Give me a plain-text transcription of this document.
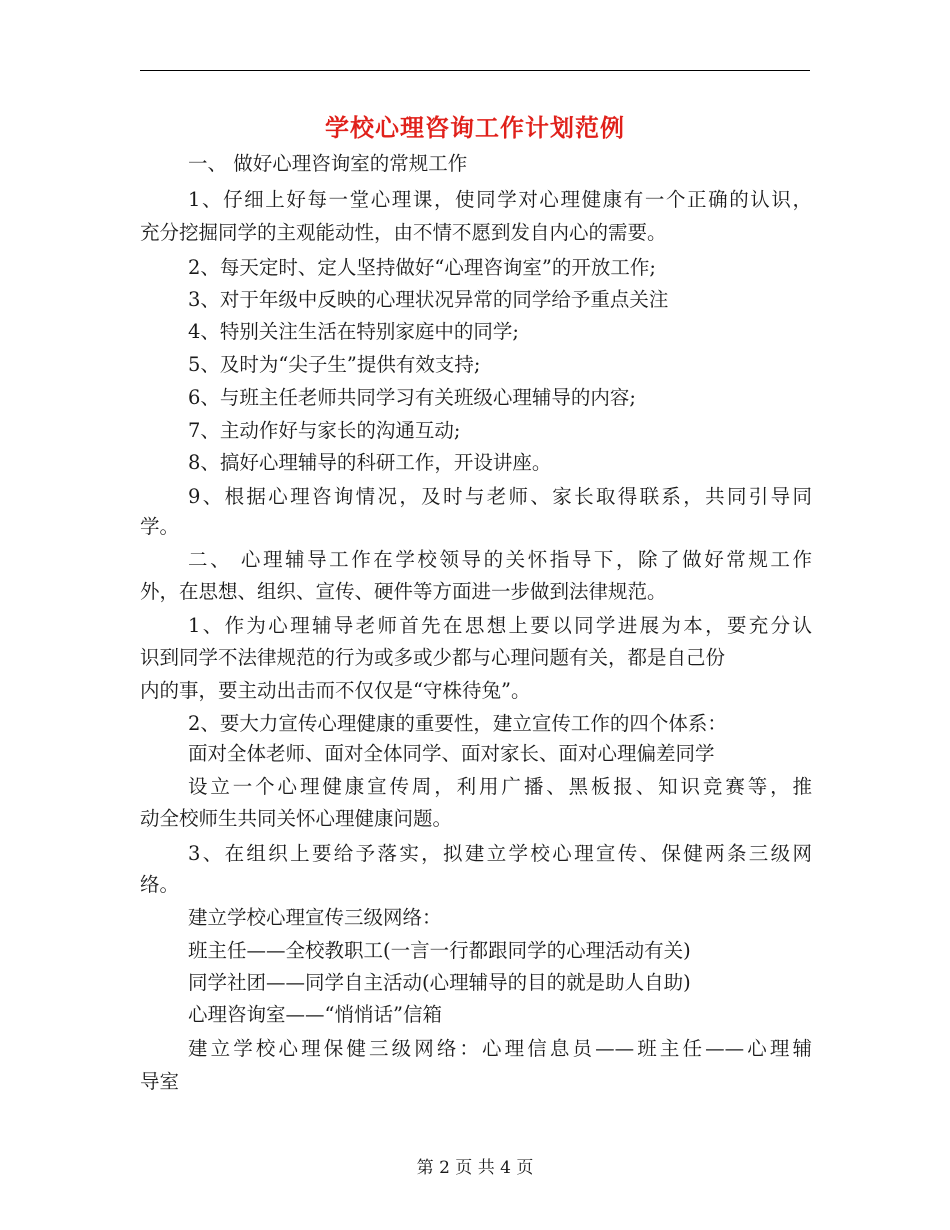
学校心理咨询工作计划范例
一、 做好心理咨询室的常规工作
1、仔细上好每一堂心理课，使同学对心理健康有一个正确的认识，
充分挖掘同学的主观能动性，由不情不愿到发自内心的需要。
2、每天定时、定人坚持做好“心理咨询室”的开放工作;
3、对于年级中反映的心理状况异常的同学给予重点关注
4、特别关注生活在特别家庭中的同学;
5、及时为“尖子生”提供有效支持;
6、与班主任老师共同学习有关班级心理辅导的内容;
7、主动作好与家长的沟通互动;
8、搞好心理辅导的科研工作，开设讲座。
9、根据心理咨询情况，及时与老师、家长取得联系，共同引导同
学。
二、 心理辅导工作在学校领导的关怀指导下，除了做好常规工作
外，在思想、组织、宣传、硬件等方面进一步做到法律规范。
1、作为心理辅导老师首先在思想上要以同学进展为本，要充分认
识到同学不法律规范的行为或多或少都与心理问题有关，都是自己份
内的事，要主动出击而不仅仅是“守株待兔”。
2、要大力宣传心理健康的重要性，建立宣传工作的四个体系：
面对全体老师、面对全体同学、面对家长、面对心理偏差同学
设立一个心理健康宣传周，利用广播、黑板报、知识竞赛等，推
动全校师生共同关怀心理健康问题。
3、在组织上要给予落实，拟建立学校心理宣传、保健两条三级网
络。
建立学校心理宣传三级网络：
班主任——全校教职工(一言一行都跟同学的心理活动有关)
同学社团——同学自主活动(心理辅导的目的就是助人自助)
心理咨询室——“悄悄话”信箱
建立学校心理保健三级网络：心理信息员——班主任——心理辅
导室
第 2 页 共 4 页
